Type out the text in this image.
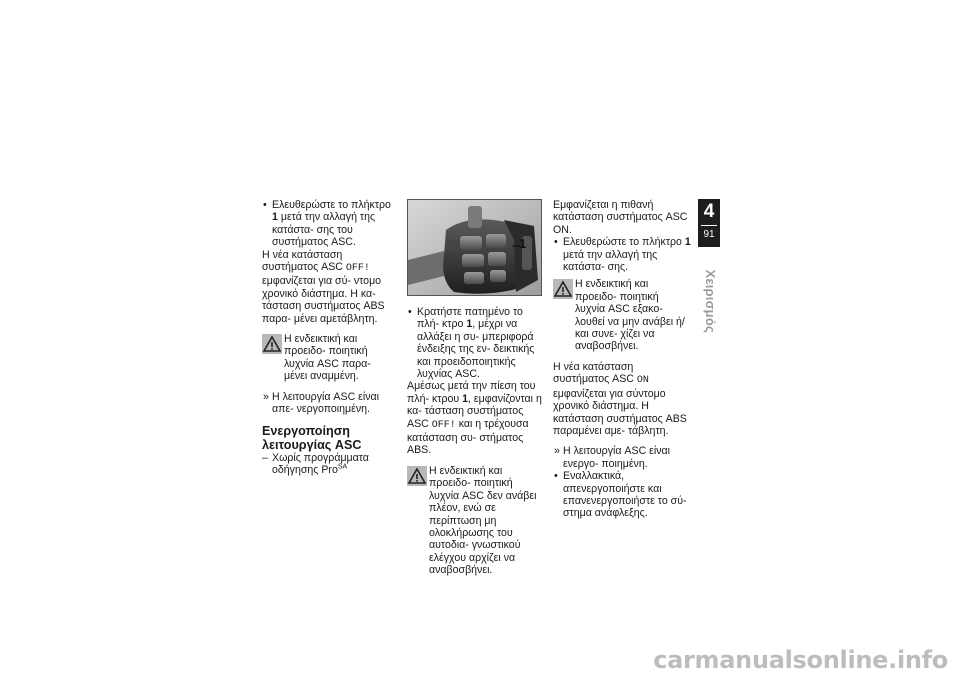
• Ελευθερώστε το πλήκτρο 1 μετά την αλλαγή της κατάστα- σης του συστήματος ASC.

Η νέα κατάσταση συστήματος ASC OFF! εμφανίζεται για σύ- ντομο χρονικό διάστημα. Η κα- τάσταση συστήματος ABS παρα- μένει αμετάβλητη.

Η ενδεικτική και προειδο- ποιητική λυχνία ASC παρα- μένει αναμμένη.

» Η λειτουργία ASC είναι απε- νεργοποιημένη.

Ενεργοποίηση
λειτουργίας ASC

– Χωρίς προγράμματα οδήγησης Pro$^{SA}$

1

• Κρατήστε πατημένο το πλή- κτρο 1, μέχρι να αλλάξει η συ- μπεριφορά ένδειξης της εν- δεικτικής και προειδοποιητικής λυχνίας ASC.

Αμέσως μετά την πίεση του πλή- κτρου 1, εμφανίζονται η κα- τάσταση συστήματος ASC OFF! και η τρέχουσα κατάσταση συ- στήματος ABS.

Η ενδεικτική και προειδο- ποιητική λυχνία ASC δεν ανάβει πλέον, ενώ σε περίπτωση μη ολοκλήρωσης του αυτοδια- γνωστικού ελέγχου αρχίζει να αναβοσβήνει.

Εμφανίζεται η πιθανή κατάσταση συστήματος ASC ON.

• Ελευθερώστε το πλήκτρο 1 μετά την αλλαγή της κατάστα- σης.

Η ενδεικτική και προειδο- ποιητική λυχνία ASC εξακο- λουθεί να μην ανάβει ή/και συνε- χίζει να αναβοσβήνει.

Η νέα κατάσταση συστήματος ASC ON εμφανίζεται για σύντομο χρονικό διάστημα. Η κατάσταση συστήματος ABS παραμένει αμε- τάβλητη.

» Η λειτουργία ASC είναι ενεργο- ποιημένη.

• Εναλλακτικά, απενεργοποιήστε και επανενεργοποιήστε το σύ- στημα ανάφλεξης.

4
91
Χειρισμός
carmanualsonline.info
